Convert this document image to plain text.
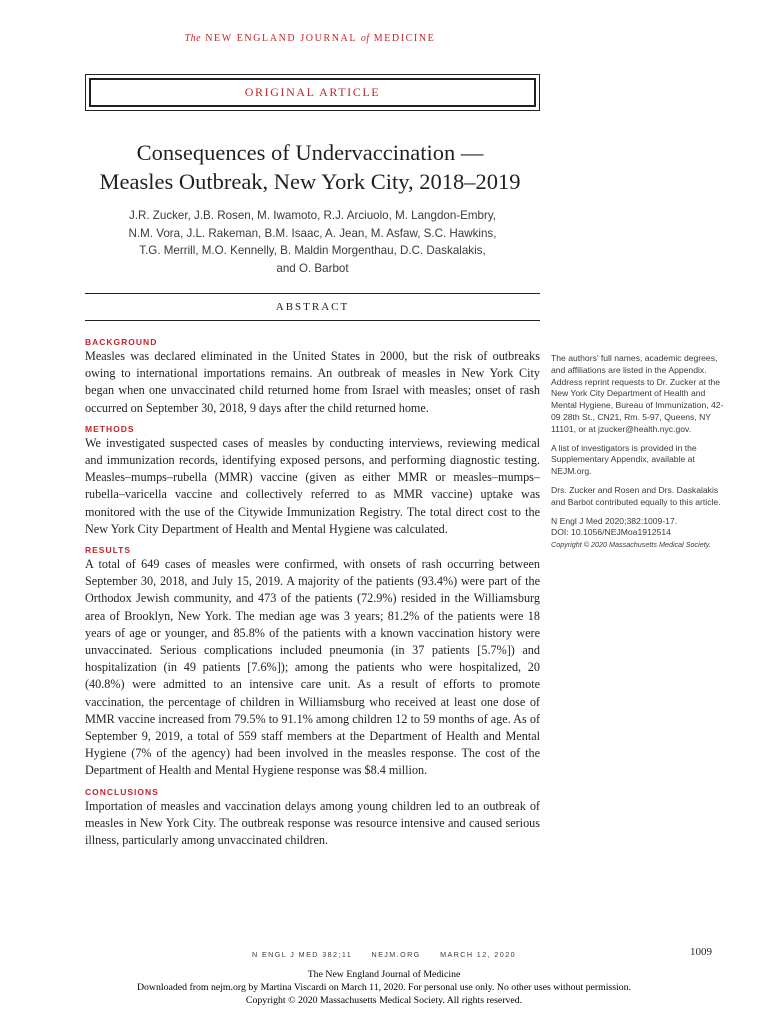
The NEW ENGLAND JOURNAL of MEDICINE
ORIGINAL ARTICLE
Consequences of Undervaccination —
Measles Outbreak, New York City, 2018–2019
J.R. Zucker, J.B. Rosen, M. Iwamoto, R.J. Arciuolo, M. Langdon-Embry,
N.M. Vora, J.L. Rakeman, B.M. Isaac, A. Jean, M. Asfaw, S.C. Hawkins,
T.G. Merrill, M.O. Kennelly, B. Maldin Morgenthau, D.C. Daskalakis,
and O. Barbot
ABSTRACT
BACKGROUND

Measles was declared eliminated in the United States in 2000, but the risk of outbreaks owing to international importations remains. An outbreak of measles in New York City began when one unvaccinated child returned home from Israel with measles; onset of rash occurred on September 30, 2018, 9 days after the child returned home.

METHODS

We investigated suspected cases of measles by conducting interviews, reviewing medical and immunization records, identifying exposed persons, and performing diagnostic testing. Measles–mumps–rubella (MMR) vaccine (given as either MMR or measles–mumps–rubella–varicella vaccine and collectively referred to as MMR vaccine) uptake was monitored with the use of the Citywide Immunization Registry. The total direct cost to the New York City Department of Health and Mental Hygiene was calculated.

RESULTS

A total of 649 cases of measles were confirmed, with onsets of rash occurring between September 30, 2018, and July 15, 2019. A majority of the patients (93.4%) were part of the Orthodox Jewish community, and 473 of the patients (72.9%) resided in the Williamsburg area of Brooklyn, New York. The median age was 3 years; 81.2% of the patients were 18 years of age or younger, and 85.8% of the patients with a known vaccination history were unvaccinated. Serious complications included pneumonia (in 37 patients [5.7%]) and hospitalization (in 49 patients [7.6%]); among the patients who were hospitalized, 20 (40.8%) were admitted to an intensive care unit. As a result of efforts to promote vaccination, the percentage of children in Williamsburg who received at least one dose of MMR vaccine increased from 79.5% to 91.1% among children 12 to 59 months of age. As of September 9, 2019, a total of 559 staff members at the Department of Health and Mental Hygiene (7% of the agency) had been involved in the measles response. The cost of the Department of Health and Mental Hygiene response was $8.4 million.

CONCLUSIONS

Importation of measles and vaccination delays among young children led to an outbreak of measles in New York City. The outbreak response was resource intensive and caused serious illness, particularly among unvaccinated children.

The authors’ full names, academic degrees, and affiliations are listed in the Appendix. Address reprint requests to Dr. Zucker at the New York City Department of Health and Mental Hygiene, Bureau of Immunization, 42-09 28th St., CN21, Rm. 5-97, Queens, NY 11101, or at jzucker@health.nyc.gov.

A list of investigators is provided in the Supplementary Appendix, available at NEJM.org.

Drs. Zucker and Rosen and Drs. Daskalakis and Barbot contributed equally to this article.

N Engl J Med 2020;382:1009-17.

DOI: 10.1056/NEJMoa1912514

Copyright © 2020 Massachusetts Medical Society.

N ENGL J MED 382;11	NEJM.ORG	MARCH 12, 2020	1009
The New England Journal of Medicine
Downloaded from nejm.org by Martina Viscardi on March 11, 2020. For personal use only. No other uses without permission.
Copyright © 2020 Massachusetts Medical Society. All rights reserved.
